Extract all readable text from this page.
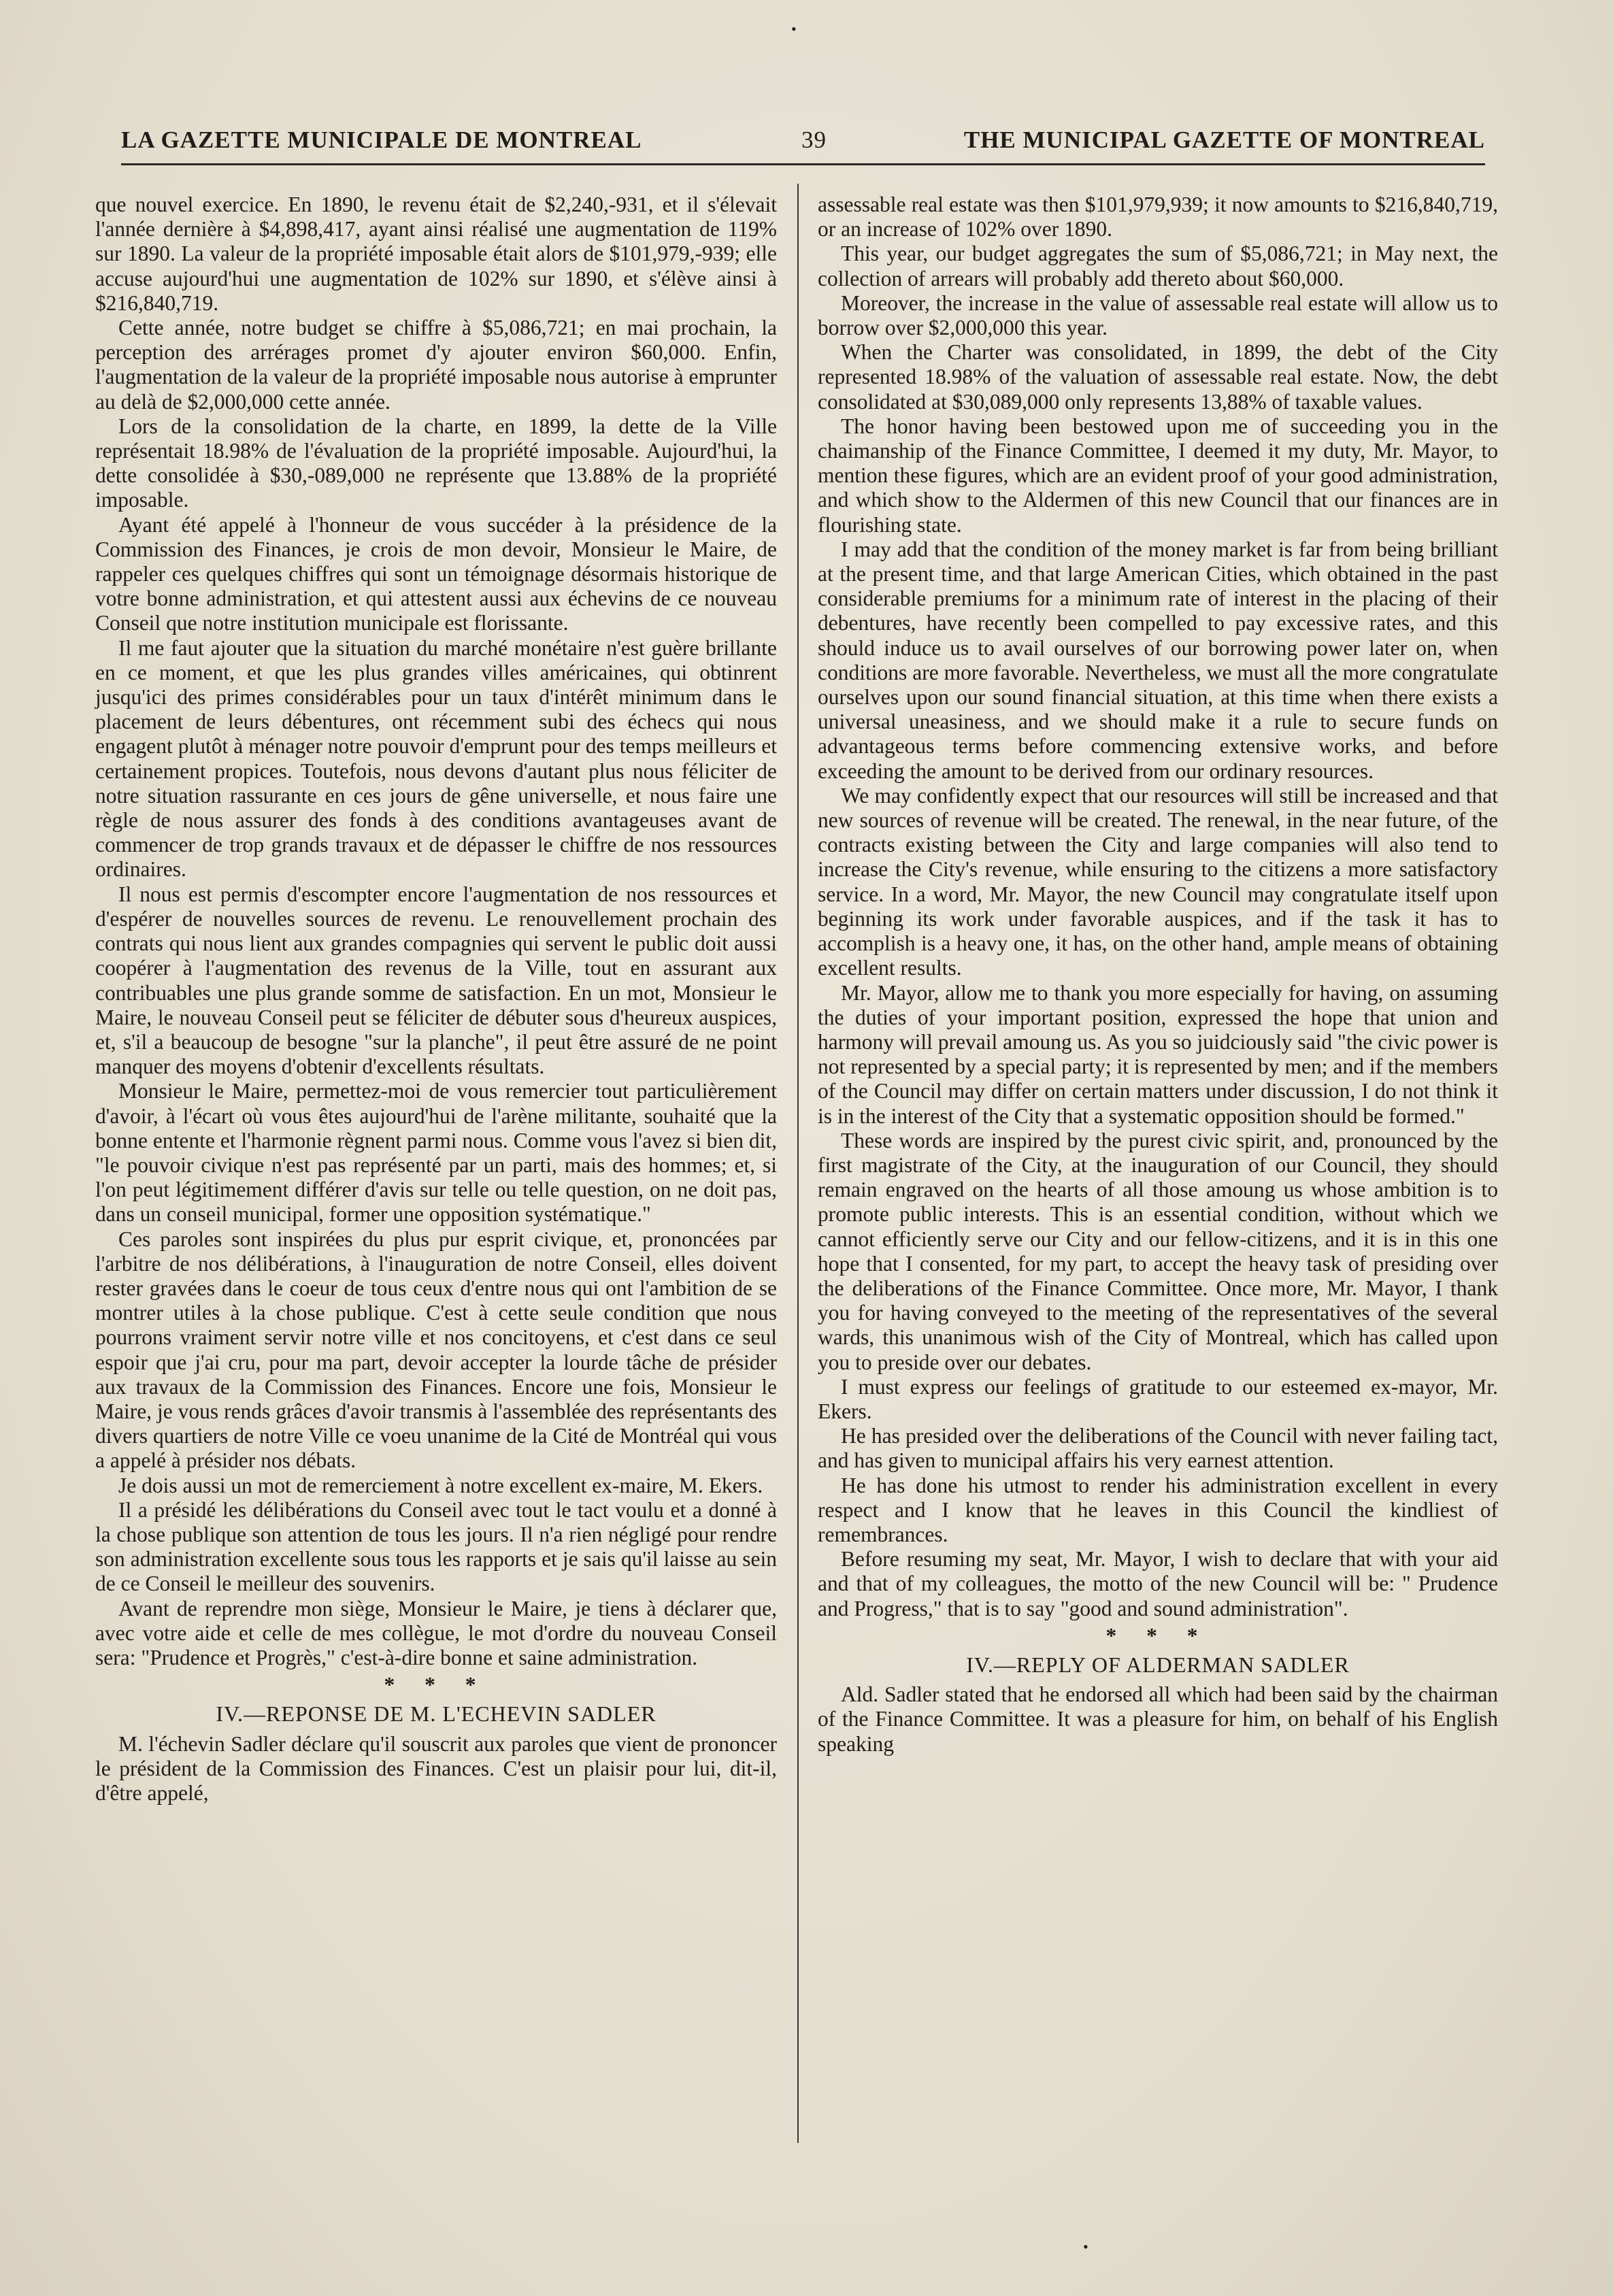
•
LA GAZETTE MUNICIPALE DE MONTREAL	39	THE MUNICIPAL GAZETTE OF MONTREAL

que nouvel exercice. En 1890, le revenu était de $2,240,-931, et il s'élevait l'année dernière à $4,898,417, ayant ainsi réalisé une augmentation de 119% sur 1890. La valeur de la propriété imposable était alors de $101,979,-939; elle accuse aujourd'hui une augmentation de 102% sur 1890, et s'élève ainsi à $216,840,719.

Cette année, notre budget se chiffre à $5,086,721; en mai prochain, la perception des arrérages promet d'y ajouter environ $60,000. Enfin, l'augmentation de la valeur de la propriété imposable nous autorise à emprunter au delà de $2,000,000 cette année.

Lors de la consolidation de la charte, en 1899, la dette de la Ville représentait 18.98% de l'évaluation de la propriété imposable. Aujourd'hui, la dette consolidée à $30,-089,000 ne représente que 13.88% de la propriété imposable.

Ayant été appelé à l'honneur de vous succéder à la présidence de la Commission des Finances, je crois de mon devoir, Monsieur le Maire, de rappeler ces quelques chiffres qui sont un témoignage désormais historique de votre bonne administration, et qui attestent aussi aux échevins de ce nouveau Conseil que notre institution municipale est florissante.

Il me faut ajouter que la situation du marché monétaire n'est guère brillante en ce moment, et que les plus grandes villes américaines, qui obtinrent jusqu'ici des primes considérables pour un taux d'intérêt minimum dans le placement de leurs débentures, ont récemment subi des échecs qui nous engagent plutôt à ménager notre pouvoir d'emprunt pour des temps meilleurs et certainement propices. Toutefois, nous devons d'autant plus nous féliciter de notre situation rassurante en ces jours de gêne universelle, et nous faire une règle de nous assurer des fonds à des conditions avantageuses avant de commencer de trop grands travaux et de dépasser le chiffre de nos ressources ordinaires.

Il nous est permis d'escompter encore l'augmentation de nos ressources et d'espérer de nouvelles sources de revenu. Le renouvellement prochain des contrats qui nous lient aux grandes compagnies qui servent le public doit aussi coopérer à l'augmentation des revenus de la Ville, tout en assurant aux contribuables une plus grande somme de satisfaction. En un mot, Monsieur le Maire, le nouveau Conseil peut se féliciter de débuter sous d'heureux auspices, et, s'il a beaucoup de besogne "sur la planche", il peut être assuré de ne point manquer des moyens d'obtenir d'excellents résultats.

Monsieur le Maire, permettez-moi de vous remercier tout particulièrement d'avoir, à l'écart où vous êtes aujourd'hui de l'arène militante, souhaité que la bonne entente et l'harmonie règnent parmi nous. Comme vous l'avez si bien dit, "le pouvoir civique n'est pas représenté par un parti, mais des hommes; et, si l'on peut légitimement différer d'avis sur telle ou telle question, on ne doit pas, dans un conseil municipal, former une opposition systématique."

Ces paroles sont inspirées du plus pur esprit civique, et, prononcées par l'arbitre de nos délibérations, à l'inauguration de notre Conseil, elles doivent rester gravées dans le coeur de tous ceux d'entre nous qui ont l'ambition de se montrer utiles à la chose publique. C'est à cette seule condition que nous pourrons vraiment servir notre ville et nos concitoyens, et c'est dans ce seul espoir que j'ai cru, pour ma part, devoir accepter la lourde tâche de présider aux travaux de la Commission des Finances. Encore une fois, Monsieur le Maire, je vous rends grâces d'avoir transmis à l'assemblée des représentants des divers quartiers de notre Ville ce voeu unanime de la Cité de Montréal qui vous a appelé à présider nos débats.

Je dois aussi un mot de remerciement à notre excellent ex-maire, M. Ekers.

Il a présidé les délibérations du Conseil avec tout le tact voulu et a donné à la chose publique son attention de tous les jours. Il n'a rien négligé pour rendre son administration excellente sous tous les rapports et je sais qu'il laisse au sein de ce Conseil le meilleur des souvenirs.

Avant de reprendre mon siège, Monsieur le Maire, je tiens à déclarer que, avec votre aide et celle de mes collègue, le mot d'ordre du nouveau Conseil sera: "Prudence et Progrès," c'est-à-dire bonne et saine administration.

* * *
IV.—REPONSE DE M. L'ECHEVIN SADLER

M. l'échevin Sadler déclare qu'il souscrit aux paroles que vient de prononcer le président de la Commission des Finances. C'est un plaisir pour lui, dit-il, d'être appelé,

assessable real estate was then $101,979,939; it now amounts to $216,840,719, or an increase of 102% over 1890.

This year, our budget aggregates the sum of $5,086,721; in May next, the collection of arrears will probably add thereto about $60,000.

Moreover, the increase in the value of assessable real estate will allow us to borrow over $2,000,000 this year.

When the Charter was consolidated, in 1899, the debt of the City represented 18.98% of the valuation of assessable real estate. Now, the debt consolidated at $30,089,000 only represents 13,88% of taxable values.

The honor having been bestowed upon me of succeeding you in the chaimanship of the Finance Committee, I deemed it my duty, Mr. Mayor, to mention these figures, which are an evident proof of your good administration, and which show to the Aldermen of this new Council that our finances are in flourishing state.

I may add that the condition of the money market is far from being brilliant at the present time, and that large American Cities, which obtained in the past considerable premiums for a minimum rate of interest in the placing of their debentures, have recently been compelled to pay excessive rates, and this should induce us to avail ourselves of our borrowing power later on, when conditions are more favorable. Nevertheless, we must all the more congratulate ourselves upon our sound financial situation, at this time when there exists a universal uneasiness, and we should make it a rule to secure funds on advantageous terms before commencing extensive works, and before exceeding the amount to be derived from our ordinary resources.

We may confidently expect that our resources will still be increased and that new sources of revenue will be created. The renewal, in the near future, of the contracts existing between the City and large companies will also tend to increase the City's revenue, while ensuring to the citizens a more satisfactory service. In a word, Mr. Mayor, the new Council may congratulate itself upon beginning its work under favorable auspices, and if the task it has to accomplish is a heavy one, it has, on the other hand, ample means of obtaining excellent results.

Mr. Mayor, allow me to thank you more especially for having, on assuming the duties of your important position, expressed the hope that union and harmony will prevail amoung us. As you so juidciously said "the civic power is not represented by a special party; it is represented by men; and if the members of the Council may differ on certain matters under discussion, I do not think it is in the interest of the City that a systematic opposition should be formed."

These words are inspired by the purest civic spirit, and, pronounced by the first magistrate of the City, at the inauguration of our Council, they should remain engraved on the hearts of all those amoung us whose ambition is to promote public interests. This is an essential condition, without which we cannot efficiently serve our City and our fellow-citizens, and it is in this one hope that I consented, for my part, to accept the heavy task of presiding over the deliberations of the Finance Committee. Once more, Mr. Mayor, I thank you for having conveyed to the meeting of the representatives of the several wards, this unanimous wish of the City of Montreal, which has called upon you to preside over our debates.

I must express our feelings of gratitude to our esteemed ex-mayor, Mr. Ekers.

He has presided over the deliberations of the Council with never failing tact, and has given to municipal affairs his very earnest attention.

He has done his utmost to render his administration excellent in every respect and I know that he leaves in this Council the kindliest of remembrances.

Before resuming my seat, Mr. Mayor, I wish to declare that with your aid and that of my colleagues, the motto of the new Council will be: " Prudence and Progress," that is to say "good and sound administration".

* * *
IV.—REPLY OF ALDERMAN SADLER

Ald. Sadler stated that he endorsed all which had been said by the chairman of the Finance Committee. It was a pleasure for him, on behalf of his English speaking

•
